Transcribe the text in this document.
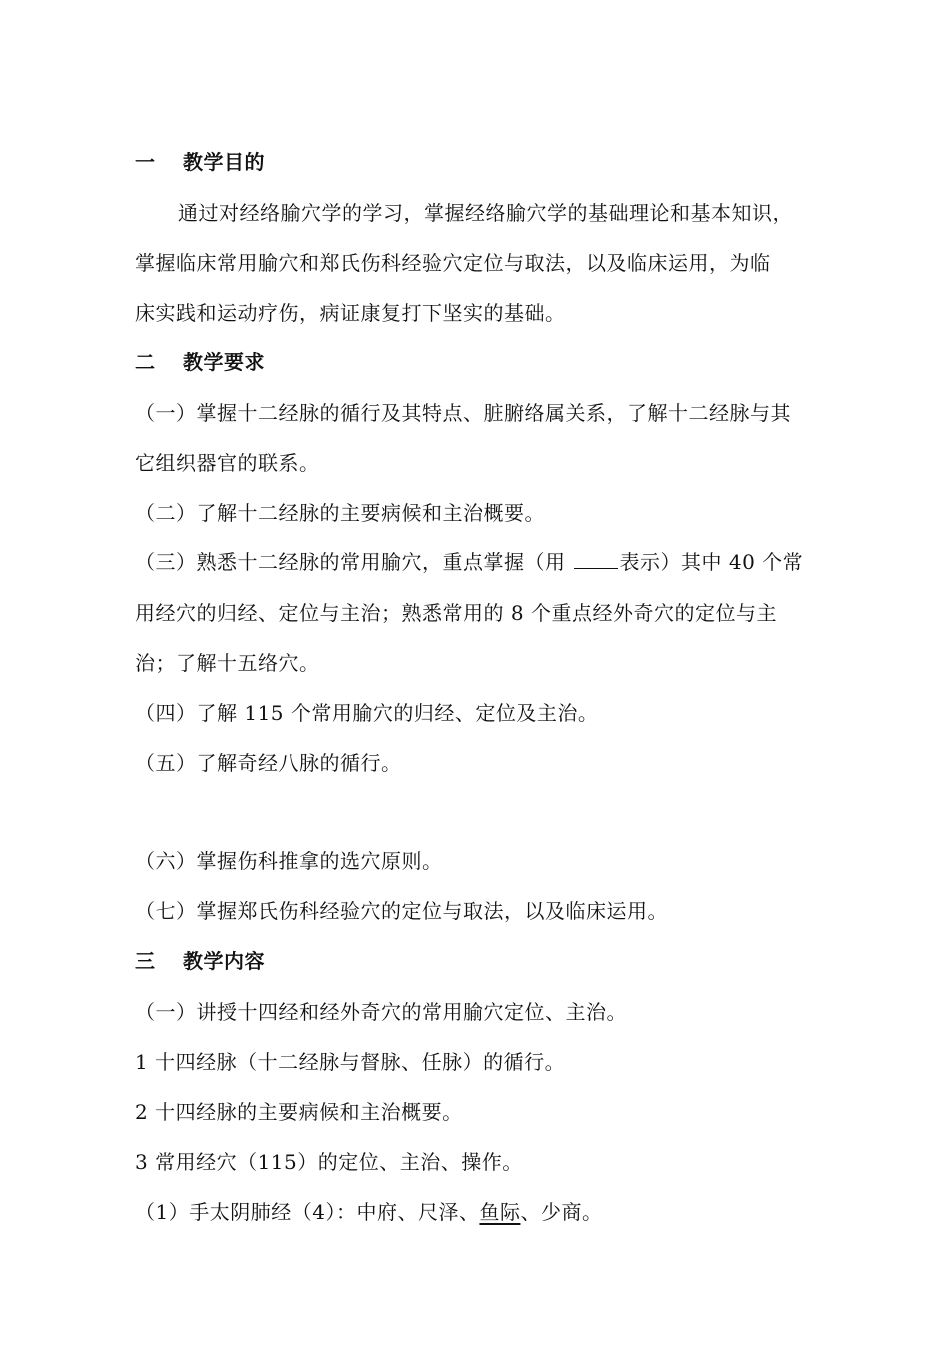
一 教学目的
通过对经络腧穴学的学习，掌握经络腧穴学的基础理论和基本知识，
掌握临床常用腧穴和郑氏伤科经验穴定位与取法，以及临床运用，为临
床实践和运动疗伤，病证康复打下坚实的基础。
二 教学要求
（一）掌握十二经脉的循行及其特点、脏腑络属关系，了解十二经脉与其
它组织器官的联系。
（二）了解十二经脉的主要病候和主治概要。
（三）熟悉十二经脉的常用腧穴，重点掌握（用	表示）其中 40 个常
用经穴的归经、定位与主治；熟悉常用的 8 个重点经外奇穴的定位与主
治；了解十五络穴。
（四）了解 115 个常用腧穴的归经、定位及主治。
（五）了解奇经八脉的循行。
（六）掌握伤科推拿的选穴原则。
（七）掌握郑氏伤科经验穴的定位与取法，以及临床运用。
三 教学内容
（一）讲授十四经和经外奇穴的常用腧穴定位、主治。
1 十四经脉（十二经脉与督脉、任脉）的循行。
2 十四经脉的主要病候和主治概要。
3 常用经穴（115）的定位、主治、操作。
（1）手太阴肺经（4）：中府、尺泽、鱼际、少商。
